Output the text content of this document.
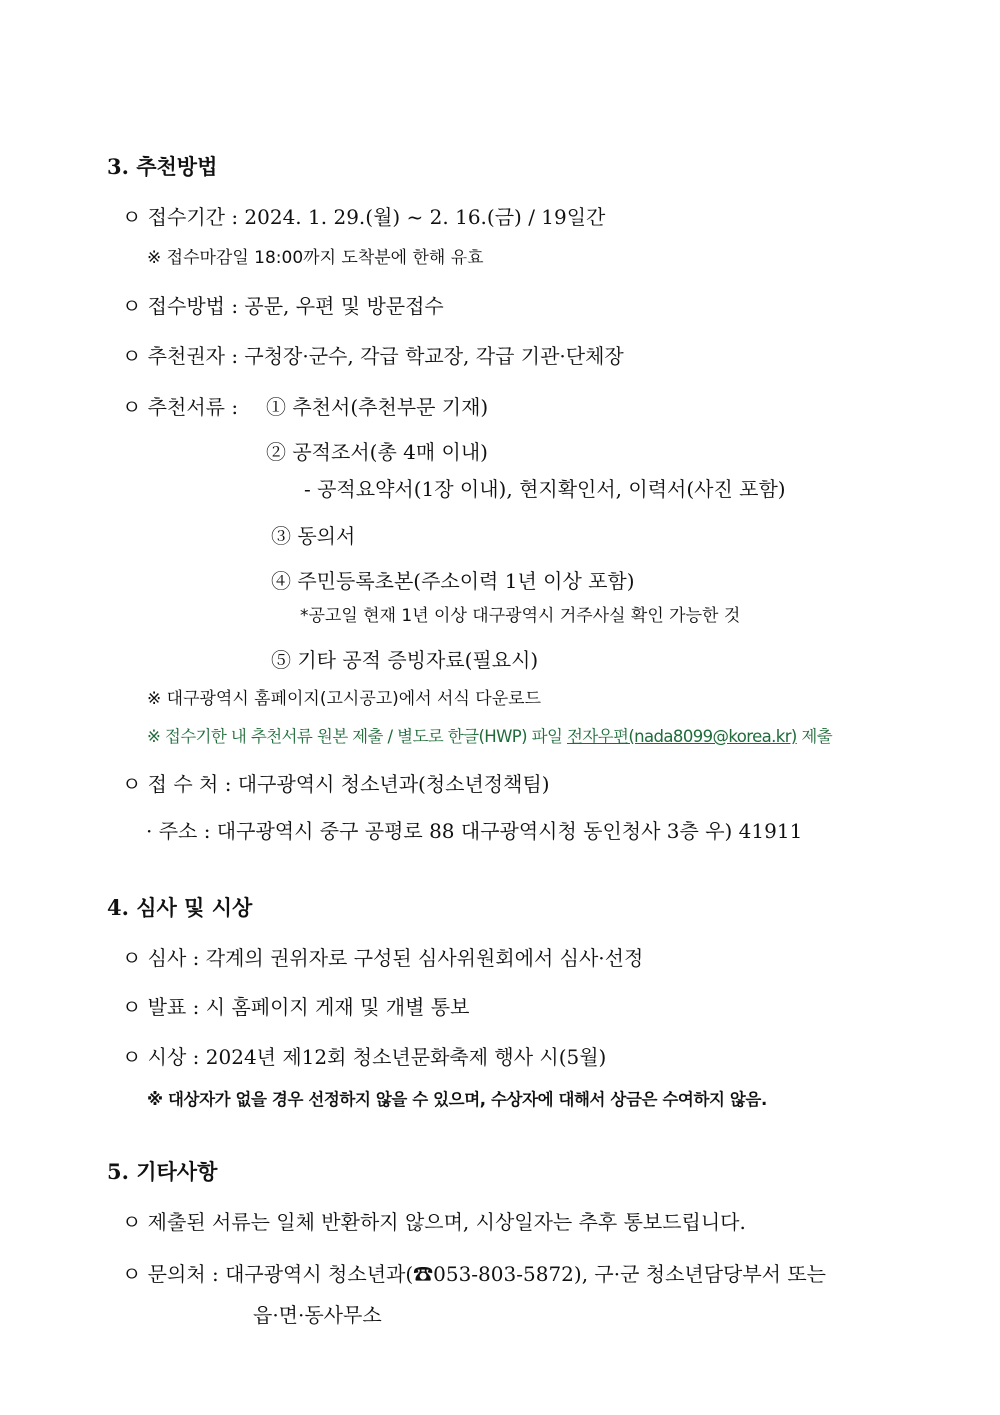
3. 추천방법
ㅇ 접수기간 : 2024. 1. 29.(월) ~ 2. 16.(금) / 19일간
※ 접수마감일 18:00까지 도착분에 한해 유효
ㅇ 접수방법 : 공문, 우편 및 방문접수
ㅇ 추천권자 : 구청장·군수, 각급 학교장, 각급 기관·단체장
ㅇ 추천서류 : ① 추천서(추천부문 기재)
② 공적조서(총 4매 이내)
- 공적요약서(1장 이내), 현지확인서, 이력서(사진 포함)
③ 동의서
④ 주민등록초본(주소이력 1년 이상 포함)
*공고일 현재 1년 이상 대구광역시 거주사실 확인 가능한 것
⑤ 기타 공적 증빙자료(필요시)
※ 대구광역시 홈페이지(고시공고)에서 서식 다운로드
※ 접수기한 내 추천서류 원본 제출 / 별도로 한글(HWP) 파일 전자우편(nada8099@korea.kr) 제출
ㅇ 접 수 처 : 대구광역시 청소년과(청소년정책팀)
· 주소 : 대구광역시 중구 공평로 88 대구광역시청 동인청사 3층 우) 41911
4. 심사 및 시상
ㅇ 심사 : 각계의 권위자로 구성된 심사위원회에서 심사·선정
ㅇ 발표 : 시 홈페이지 게재 및 개별 통보
ㅇ 시상 : 2024년 제12회 청소년문화축제 행사 시(5월)
※ 대상자가 없을 경우 선정하지 않을 수 있으며, 수상자에 대해서 상금은 수여하지 않음.
5. 기타사항
ㅇ 제출된 서류는 일체 반환하지 않으며, 시상일자는 추후 통보드립니다.
ㅇ 문의처 : 대구광역시 청소년과(☎053-803-5872), 구·군 청소년담당부서 또는
읍·면·동사무소
